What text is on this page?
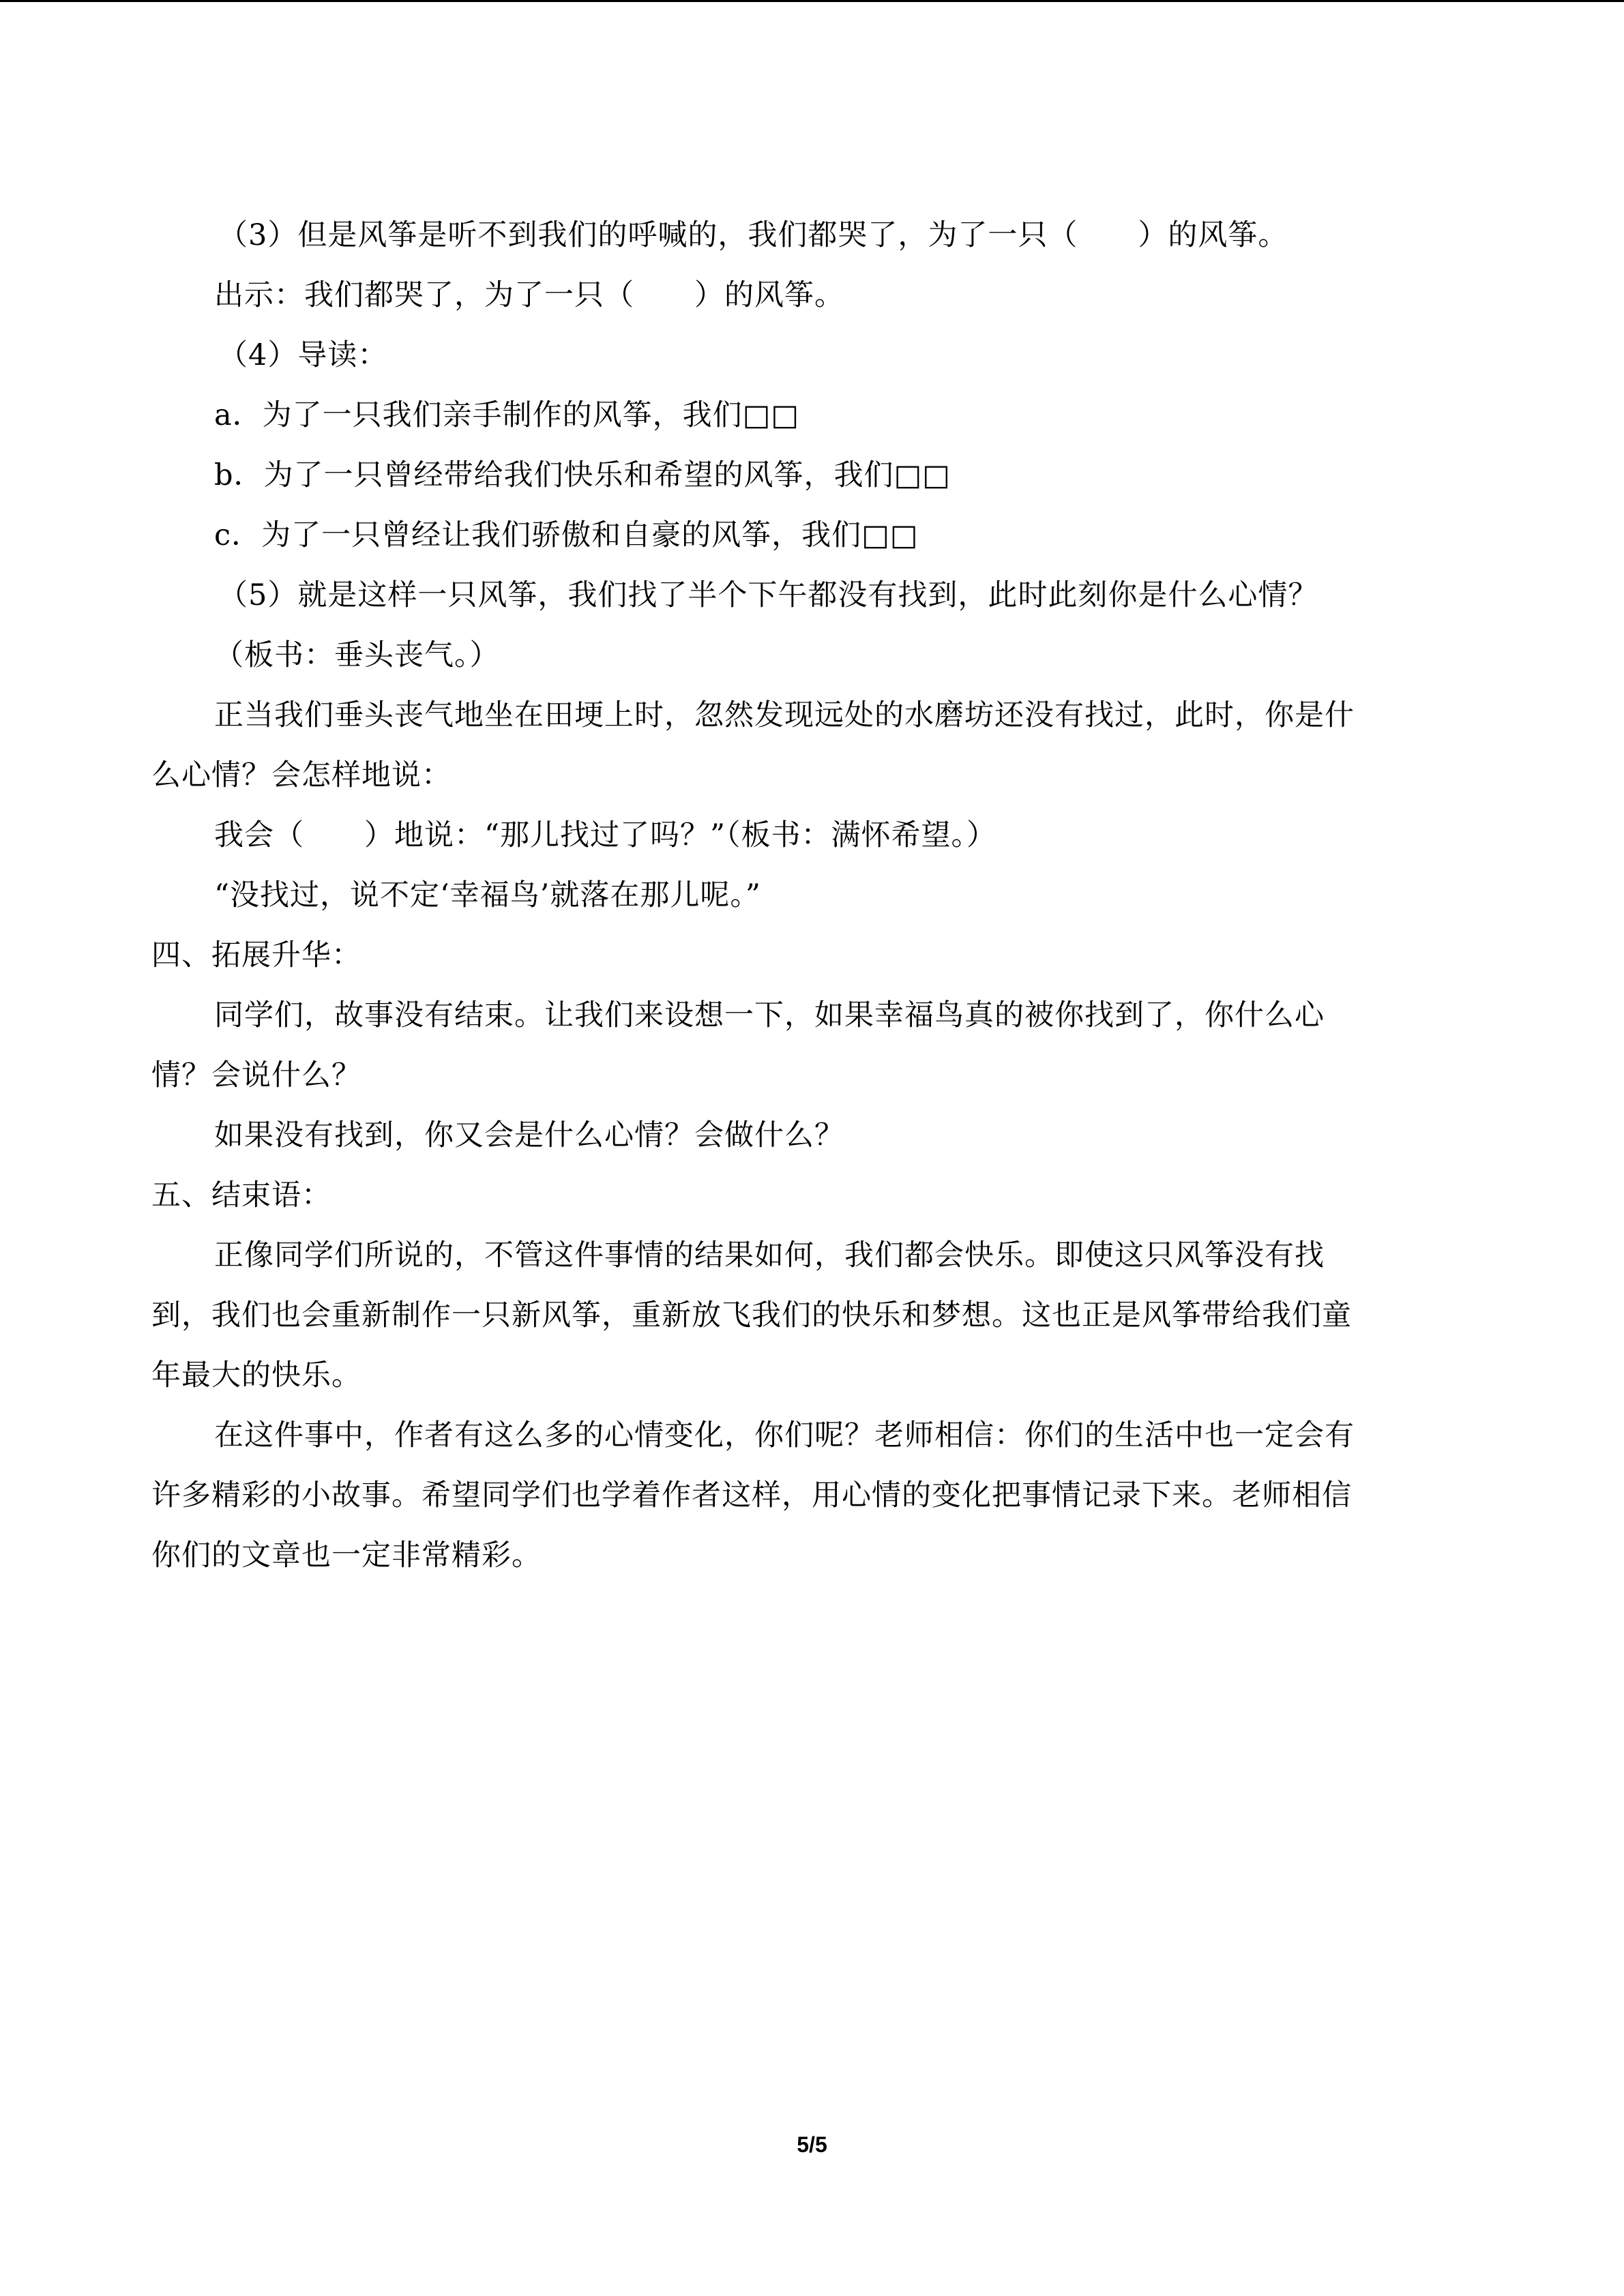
（3）但是风筝是听不到我们的呼喊的，我们都哭了，为了一只（　　）的风筝。
出示：我们都哭了，为了一只（　　）的风筝。
（4）导读：
a．为了一只我们亲手制作的风筝，我们□□
b．为了一只曾经带给我们快乐和希望的风筝，我们□□
c．为了一只曾经让我们骄傲和自豪的风筝，我们□□
（5）就是这样一只风筝，我们找了半个下午都没有找到，此时此刻你是什么心情？
（板书：垂头丧气。）
正当我们垂头丧气地坐在田埂上时，忽然发现远处的水磨坊还没有找过，此时，你是什
么心情？会怎样地说：
我会（　　）地说：“那儿找过了吗？”（板书：满怀希望。）
“没找过，说不定‘幸福鸟’就落在那儿呢。”
四、拓展升华：
同学们，故事没有结束。让我们来设想一下，如果幸福鸟真的被你找到了，你什么心
情？会说什么？
如果没有找到，你又会是什么心情？会做什么？
五、结束语：
正像同学们所说的，不管这件事情的结果如何，我们都会快乐。即使这只风筝没有找
到，我们也会重新制作一只新风筝，重新放飞我们的快乐和梦想。这也正是风筝带给我们童
年最大的快乐。
在这件事中，作者有这么多的心情变化，你们呢？老师相信：你们的生活中也一定会有
许多精彩的小故事。希望同学们也学着作者这样，用心情的变化把事情记录下来。老师相信
你们的文章也一定非常精彩。
5/5
